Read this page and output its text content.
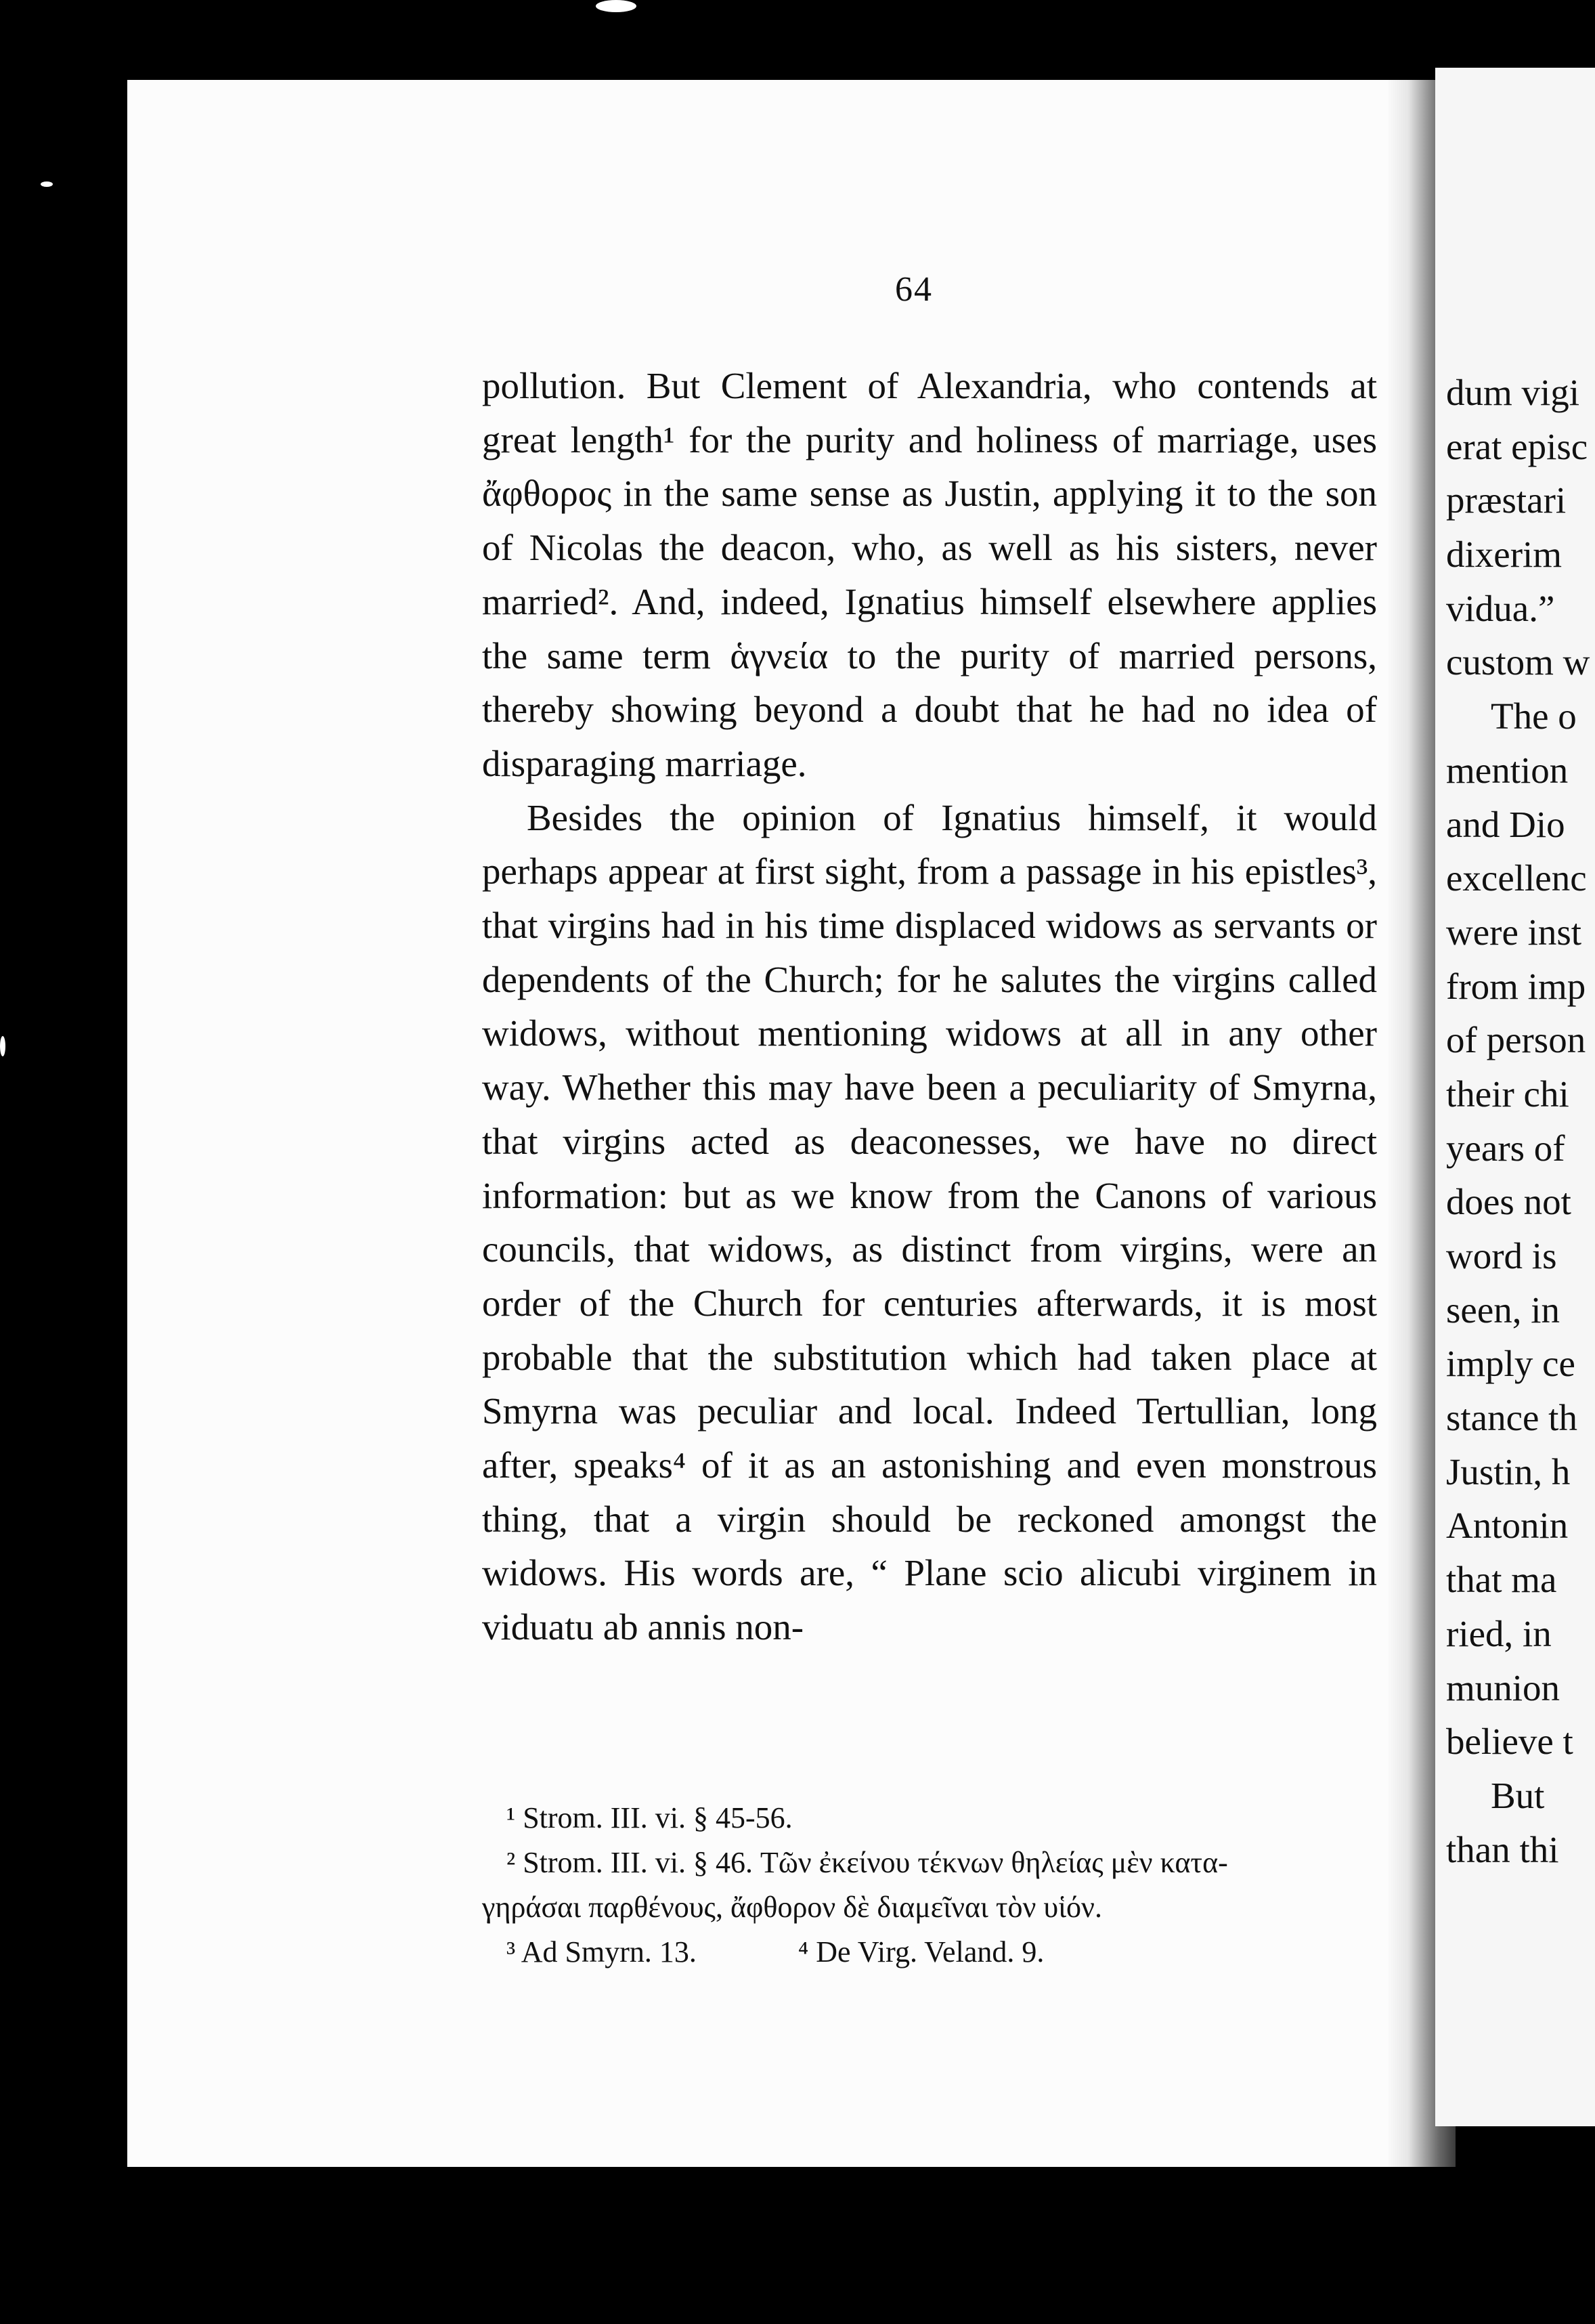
64

pollution. But Clement of Alexandria, who contends at great length¹ for the purity and holiness of marriage, uses ἄφθορος in the same sense as Justin, applying it to the son of Nicolas the deacon, who, as well as his sisters, never married². And, indeed, Ignatius himself elsewhere applies the same term ἁγνεία to the purity of married persons, thereby showing beyond a doubt that he had no idea of disparaging marriage.

Besides the opinion of Ignatius himself, it would perhaps appear at first sight, from a passage in his epistles³, that virgins had in his time displaced widows as servants or dependents of the Church; for he salutes the virgins called widows, without mentioning widows at all in any other way. Whether this may have been a peculiarity of Smyrna, that virgins acted as deaconesses, we have no direct information: but as we know from the Canons of various councils, that widows, as distinct from virgins, were an order of the Church for centuries afterwards, it is most probable that the substitution which had taken place at Smyrna was peculiar and local. Indeed Tertullian, long after, speaks⁴ of it as an astonishing and even monstrous thing, that a virgin should be reckoned amongst the widows. His words are, “ Plane scio alicubi virginem in viduatu ab annis non-

¹ Strom. III. vi. § 45-56.
² Strom. III. vi. § 46. Τῶν ἐκείνου τέκνων θηλείας μὲν κατα-
γηράσαι παρθένους, ἄφθορον δὲ διαμεῖναι τὸν υἱόν.
³ Ad Smyrn. 13.	⁴ De Virg. Veland. 9.
dum vigi
erat episc
præstari
dixerim
vidua.”
custom w
The o
mention
and Dio
excellenc
were inst
from imp
of person
their chi
years of
does not
word is
seen, in
imply ce
stance th
Justin, h
Antonin
that ma
ried, in
munion
believe t
But
than thi
